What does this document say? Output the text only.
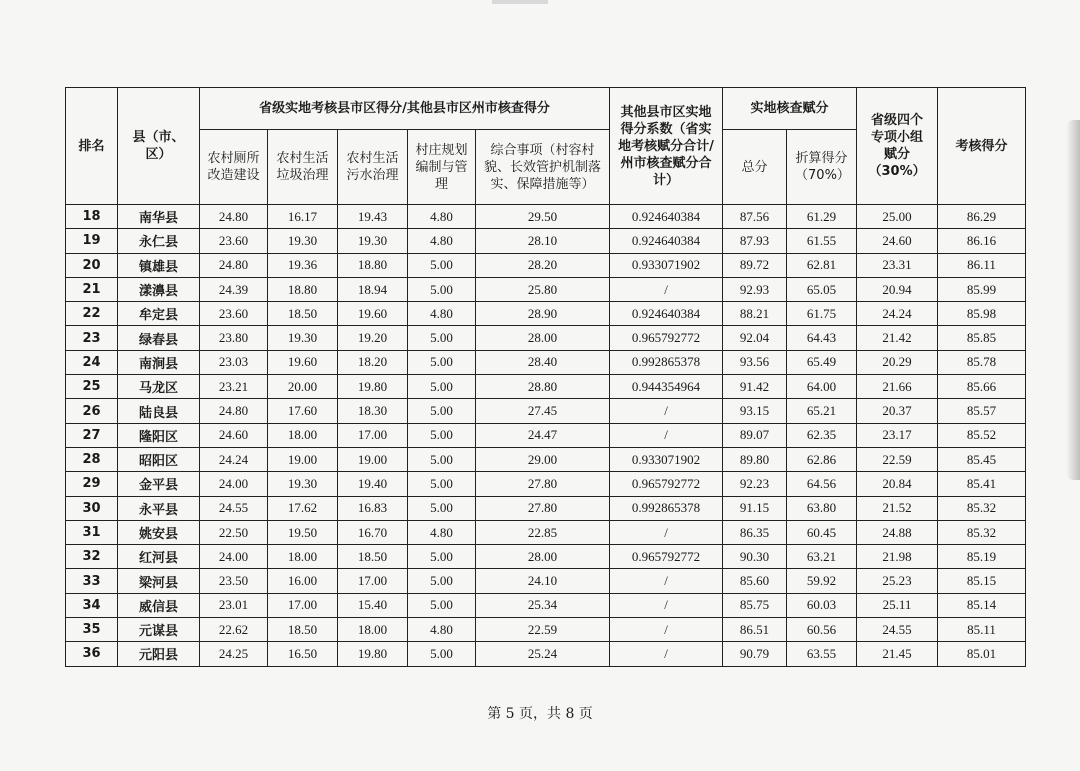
排名	县（市、区）	省级实地考核县市区得分/其他县市区州市核查得分					其他县市区实地得分系数（省实地考核赋分合计/州市核查赋分合计）	实地核查赋分		省级四个专项小组赋分（30%）	考核得分
		农村厕所改造建设	农村生活垃圾治理	农村生活污水治理	村庄规划编制与管理	综合事项（村容村貌、长效管护机制落实、保障措施等）		总分	折算得分（70%）		
18	南华县	24.80	16.17	19.43	4.80	29.50	0.924640384	87.56	61.29	25.00	86.29
19	永仁县	23.60	19.30	19.30	4.80	28.10	0.924640384	87.93	61.55	24.60	86.16
20	镇雄县	24.80	19.36	18.80	5.00	28.20	0.933071902	89.72	62.81	23.31	86.11
21	漾濞县	24.39	18.80	18.94	5.00	25.80	/	92.93	65.05	20.94	85.99
22	牟定县	23.60	18.50	19.60	4.80	28.90	0.924640384	88.21	61.75	24.24	85.98
23	绿春县	23.80	19.30	19.20	5.00	28.00	0.965792772	92.04	64.43	21.42	85.85
24	南涧县	23.03	19.60	18.20	5.00	28.40	0.992865378	93.56	65.49	20.29	85.78
25	马龙区	23.21	20.00	19.80	5.00	28.80	0.944354964	91.42	64.00	21.66	85.66
26	陆良县	24.80	17.60	18.30	5.00	27.45	/	93.15	65.21	20.37	85.57
27	隆阳区	24.60	18.00	17.00	5.00	24.47	/	89.07	62.35	23.17	85.52
28	昭阳区	24.24	19.00	19.00	5.00	29.00	0.933071902	89.80	62.86	22.59	85.45
29	金平县	24.00	19.30	19.40	5.00	27.80	0.965792772	92.23	64.56	20.84	85.41
30	永平县	24.55	17.62	16.83	5.00	27.80	0.992865378	91.15	63.80	21.52	85.32
31	姚安县	22.50	19.50	16.70	4.80	22.85	/	86.35	60.45	24.88	85.32
32	红河县	24.00	18.00	18.50	5.00	28.00	0.965792772	90.30	63.21	21.98	85.19
33	梁河县	23.50	16.00	17.00	5.00	24.10	/	85.60	59.92	25.23	85.15
34	威信县	23.01	17.00	15.40	5.00	25.34	/	85.75	60.03	25.11	85.14
35	元谋县	22.62	18.50	18.00	4.80	22.59	/	86.51	60.56	24.55	85.11
36	元阳县	24.25	16.50	19.80	5.00	25.24	/	90.79	63.55	21.45	85.01
第 5 页，共 8 页
